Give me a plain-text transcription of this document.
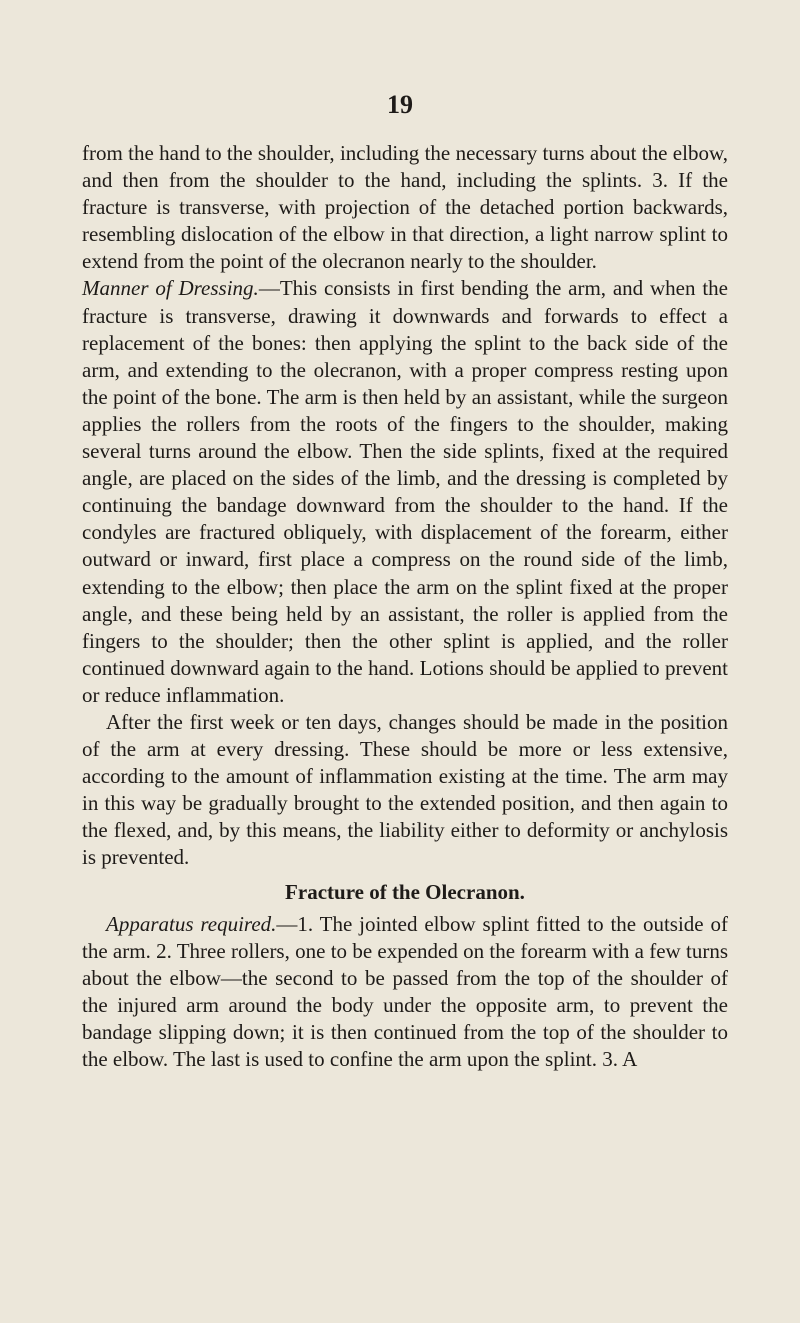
19

from the hand to the shoulder, including the necessary turns about the elbow, and then from the shoulder to the hand, including the splints. 3. If the fracture is transverse, with projection of the detached portion backwards, resembling dislocation of the elbow in that direction, a light narrow splint to extend from the point of the olecranon nearly to the shoulder.

Manner of Dressing.—This consists in first bending the arm, and when the fracture is transverse, drawing it downwards and forwards to effect a replacement of the bones: then applying the splint to the back side of the arm, and extending to the olecranon, with a proper compress resting upon the point of the bone. The arm is then held by an assistant, while the surgeon applies the rollers from the roots of the fingers to the shoulder, making several turns around the elbow. Then the side splints, fixed at the required angle, are placed on the sides of the limb, and the dressing is completed by continuing the bandage downward from the shoulder to the hand. If the condyles are fractured obliquely, with displacement of the forearm, either outward or inward, first place a compress on the round side of the limb, extending to the elbow; then place the arm on the splint fixed at the proper angle, and these being held by an assistant, the roller is applied from the fingers to the shoulder; then the other splint is applied, and the roller continued downward again to the hand. Lotions should be applied to prevent or reduce inflammation.

After the first week or ten days, changes should be made in the position of the arm at every dressing. These should be more or less extensive, according to the amount of inflammation existing at the time. The arm may in this way be gradually brought to the extended position, and then again to the flexed, and, by this means, the liability either to deformity or anchylosis is prevented.

Fracture of the Olecranon.

Apparatus required.—1. The jointed elbow splint fitted to the outside of the arm. 2. Three rollers, one to be expended on the forearm with a few turns about the elbow—the second to be passed from the top of the shoulder of the injured arm around the body under the opposite arm, to prevent the bandage slipping down; it is then continued from the top of the shoulder to the elbow. The last is used to confine the arm upon the splint. 3. A
